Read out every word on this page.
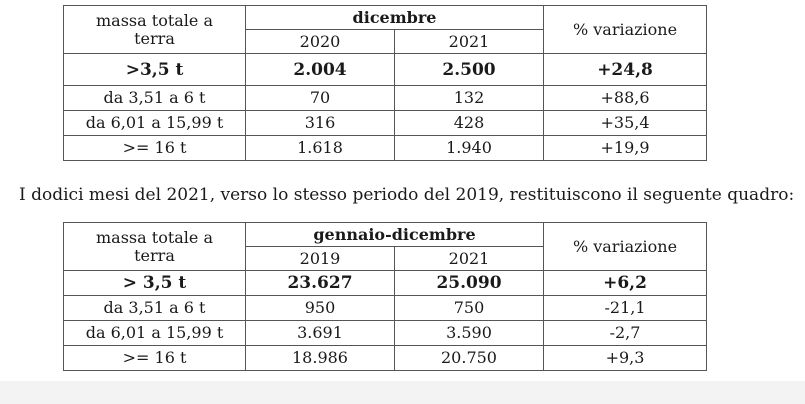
massa totale a
terra	dicembre		% variazione
	2020	2021	
>3,5 t	2.004	2.500	+24,8
da 3,51 a 6 t	70	132	+88,6
da 6,01 a 15,99 t	316	428	+35,4
>= 16 t	1.618	1.940	+19,9

I dodici mesi del 2021, verso lo stesso periodo del 2019, restituiscono il seguente quadro:

massa totale a
terra	gennaio-dicembre		% variazione
	2019	2021	
> 3,5 t	23.627	25.090	+6,2
da 3,51 a 6 t	950	750	-21,1
da 6,01 a 15,99 t	3.691	3.590	-2,7
>= 16 t	18.986	20.750	+9,3
